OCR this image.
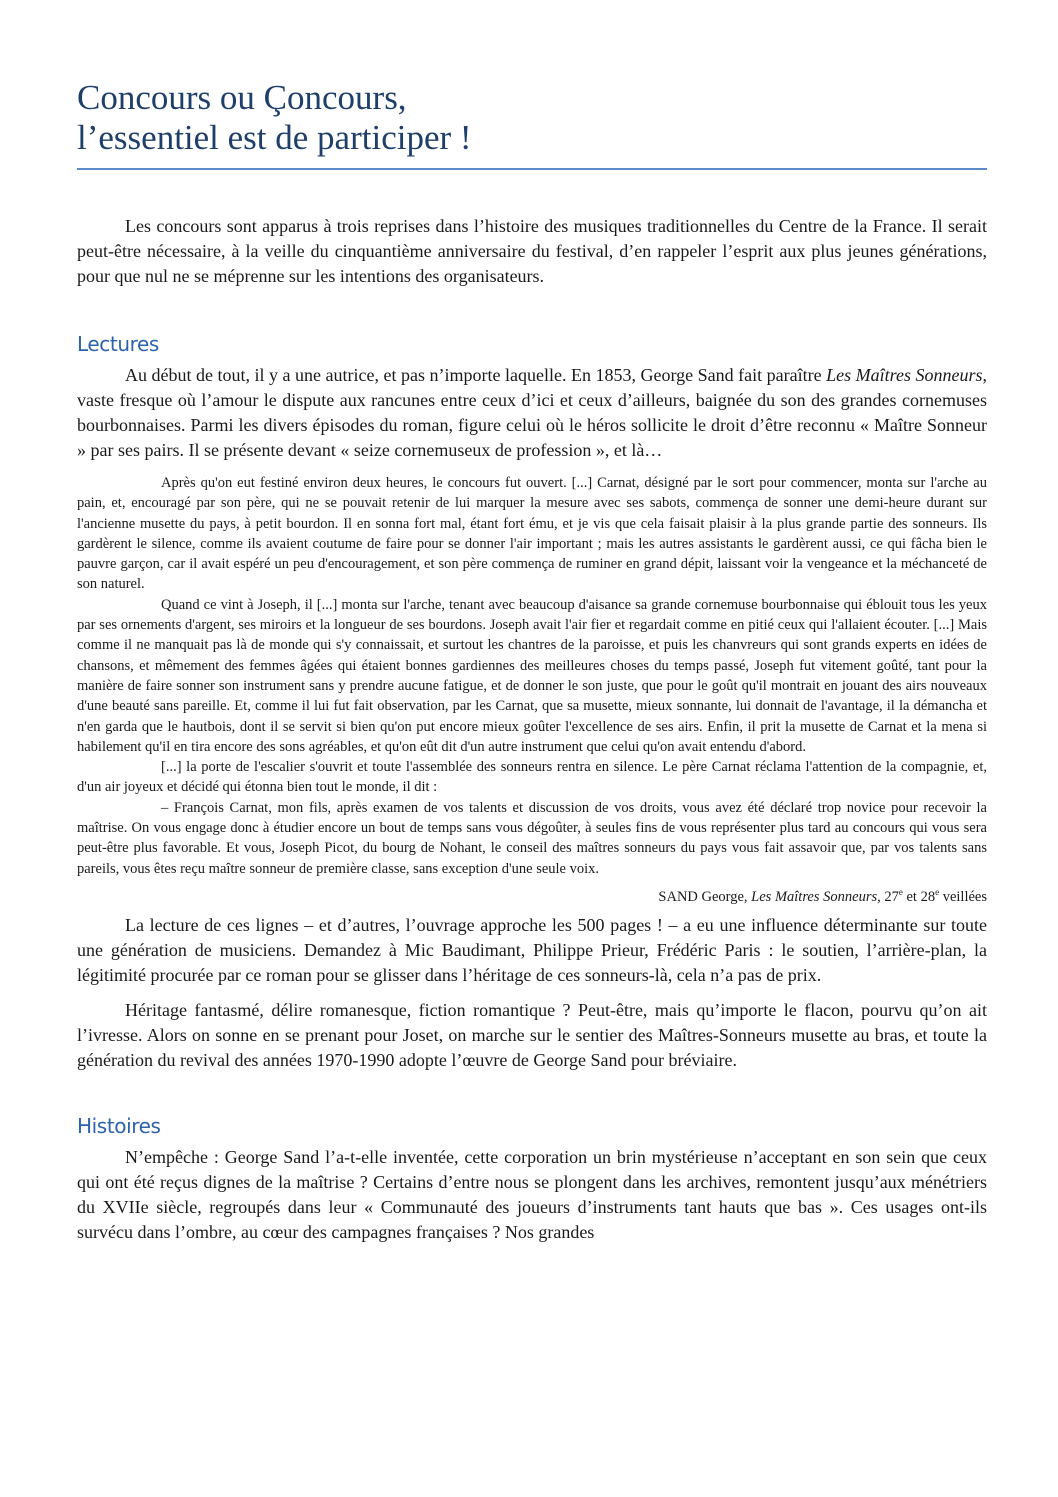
Concours ou Çoncours,
l’essentiel est de participer !

Les concours sont apparus à trois reprises dans l’histoire des musiques traditionnelles du Centre de la France. Il serait peut-être nécessaire, à la veille du cinquantième anniversaire du festival, d’en rappeler l’esprit aux plus jeunes générations, pour que nul ne se méprenne sur les intentions des organisateurs.

Lectures

Au début de tout, il y a une autrice, et pas n’importe laquelle. En 1853, George Sand fait paraître Les Maîtres Sonneurs, vaste fresque où l’amour le dispute aux rancunes entre ceux d’ici et ceux d’ailleurs, baignée du son des grandes cornemuses bourbonnaises. Parmi les divers épisodes du roman, figure celui où le héros sollicite le droit d’être reconnu « Maître Sonneur » par ses pairs. Il se présente devant « seize cornemuseux de profession », et là…

Après qu'on eut festiné environ deux heures, le concours fut ouvert. [...] Carnat, désigné par le sort pour commencer, monta sur l'arche au pain, et, encouragé par son père, qui ne se pouvait retenir de lui marquer la mesure avec ses sabots, commença de sonner une demi-heure durant sur l'ancienne musette du pays, à petit bourdon. Il en sonna fort mal, étant fort ému, et je vis que cela faisait plaisir à la plus grande partie des sonneurs. Ils gardèrent le silence, comme ils avaient coutume de faire pour se donner l'air important ; mais les autres assistants le gardèrent aussi, ce qui fâcha bien le pauvre garçon, car il avait espéré un peu d'encouragement, et son père commença de ruminer en grand dépit, laissant voir la vengeance et la méchanceté de son naturel.

Quand ce vint à Joseph, il [...] monta sur l'arche, tenant avec beaucoup d'aisance sa grande cornemuse bourbonnaise qui éblouit tous les yeux par ses ornements d'argent, ses miroirs et la longueur de ses bourdons. Joseph avait l'air fier et regardait comme en pitié ceux qui l'allaient écouter. [...] Mais comme il ne manquait pas là de monde qui s'y connaissait, et surtout les chantres de la paroisse, et puis les chanvreurs qui sont grands experts en idées de chansons, et mêmement des femmes âgées qui étaient bonnes gardiennes des meilleures choses du temps passé, Joseph fut vitement goûté, tant pour la manière de faire sonner son instrument sans y prendre aucune fatigue, et de donner le son juste, que pour le goût qu'il montrait en jouant des airs nouveaux d'une beauté sans pareille. Et, comme il lui fut fait observation, par les Carnat, que sa musette, mieux sonnante, lui donnait de l'avantage, il la démancha et n'en garda que le hautbois, dont il se servit si bien qu'on put encore mieux goûter l'excellence de ses airs. Enfin, il prit la musette de Carnat et la mena si habilement qu'il en tira encore des sons agréables, et qu'on eût dit d'un autre instrument que celui qu'on avait entendu d'abord.

[...] la porte de l'escalier s'ouvrit et toute l'assemblée des sonneurs rentra en silence. Le père Carnat réclama l'attention de la compagnie, et, d'un air joyeux et décidé qui étonna bien tout le monde, il dit :

– François Carnat, mon fils, après examen de vos talents et discussion de vos droits, vous avez été déclaré trop novice pour recevoir la maîtrise. On vous engage donc à étudier encore un bout de temps sans vous dégoûter, à seules fins de vous représenter plus tard au concours qui vous sera peut-être plus favorable. Et vous, Joseph Picot, du bourg de Nohant, le conseil des maîtres sonneurs du pays vous fait assavoir que, par vos talents sans pareils, vous êtes reçu maître sonneur de première classe, sans exception d'une seule voix.

SAND George, Les Maîtres Sonneurs, 27e et 28e veillées

La lecture de ces lignes – et d’autres, l’ouvrage approche les 500 pages ! – a eu une influence déterminante sur toute une génération de musiciens. Demandez à Mic Baudimant, Philippe Prieur, Frédéric Paris : le soutien, l’arrière-plan, la légitimité procurée par ce roman pour se glisser dans l’héritage de ces sonneurs-là, cela n’a pas de prix.

Héritage fantasmé, délire romanesque, fiction romantique ? Peut-être, mais qu’importe le flacon, pourvu qu’on ait l’ivresse. Alors on sonne en se prenant pour Joset, on marche sur le sentier des Maîtres-Sonneurs musette au bras, et toute la génération du revival des années 1970-1990 adopte l’œuvre de George Sand pour bréviaire.

Histoires

N’empêche : George Sand l’a-t-elle inventée, cette corporation un brin mystérieuse n’acceptant en son sein que ceux qui ont été reçus dignes de la maîtrise ? Certains d’entre nous se plongent dans les archives, remontent jusqu’aux ménétriers du XVIIe siècle, regroupés dans leur « Communauté des joueurs d’instruments tant hauts que bas ». Ces usages ont-ils survécu dans l’ombre, au cœur des campagnes françaises ? Nos grandes
